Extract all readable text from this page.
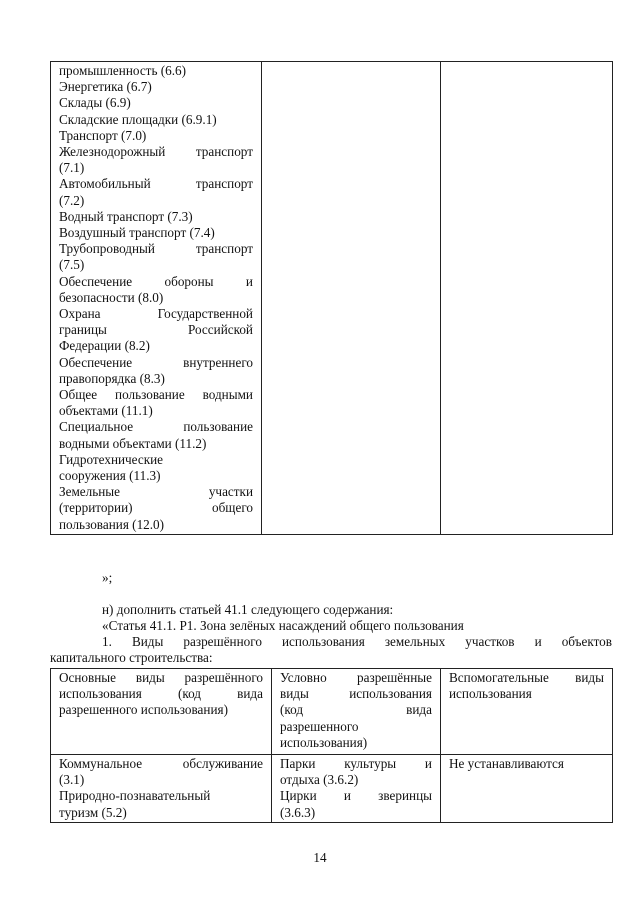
промышленность (6.6)
Энергетика (6.7)
Склады (6.9)
Складские площадки (6.9.1)
Транспорт (7.0)
Железнодорожный транспорт
(7.1)
Автомобильный транспорт
(7.2)
Водный транспорт (7.3)
Воздушный транспорт (7.4)
Трубопроводный транспорт
(7.5)
Обеспечение обороны и
безопасности (8.0)
Охрана Государственной
границы Российской
Федерации (8.2)
Обеспечение внутреннего
правопорядка (8.3)
Общее пользование водными
объектами (11.1)
Специальное пользование
водными объектами (11.2)
Гидротехнические
сооружения (11.3)
Земельные участки
(территории) общего
пользования (12.0)

»;
н) дополнить статьей 41.1 следующего содержания:
«Статья 41.1. Р1. Зона зелёных насаждений общего пользования
1. Виды разрешённого использования земельных участков и объектов
капитального строительства:
Основные виды разрешённого
использования (код вида
разрешенного использования)	Условно разрешённые
виды использования
(код вида
разрешенного
использования)	Вспомогательные виды
использования

Коммунальное обслуживание
(3.1)
Природно-познавательный
туризм (5.2)	Парки культуры и
отдыха (3.6.2)
Цирки и зверинцы
(3.6.3)	Не устанавливаются
14
